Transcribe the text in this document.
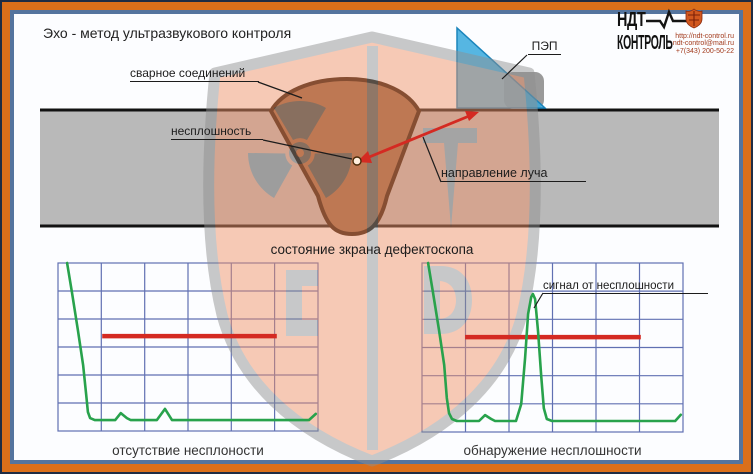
Эхо - метод ультразвукового контроля
сварное соединений
несплошность
ПЭП
направление луча
сигнал от несплошности
состояние зкрана дефектоскопа
отсутствие несплоности	обнаружение несплошности
НДТ
КОНТРОЛЬ http://ndt-control.ru
ndt-control@mail.ru
+7(343) 200-50-22
